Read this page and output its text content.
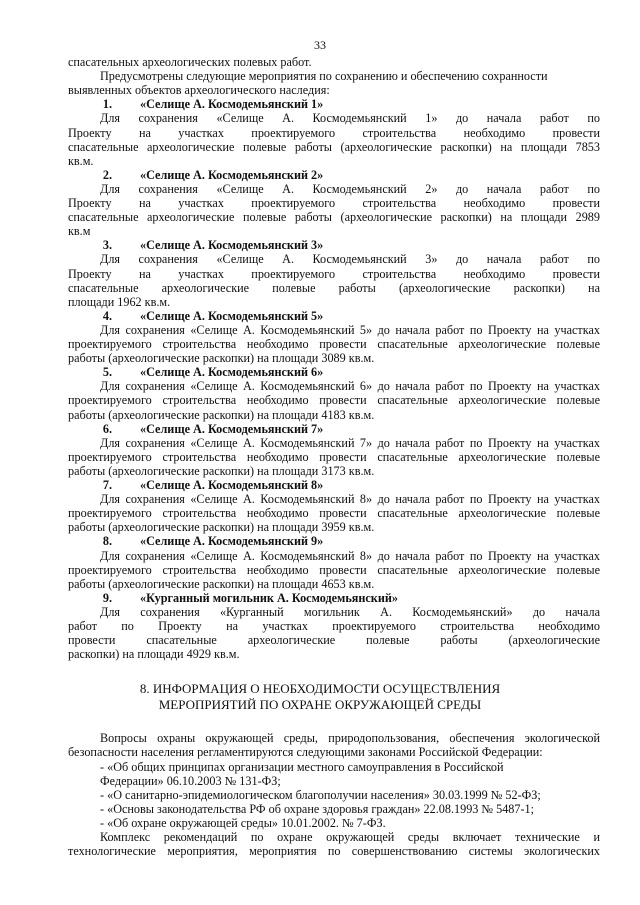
33
спасательных археологических полевых работ.
Предусмотрены следующие мероприятия по сохранению и обеспечению сохранности
выявленных объектов археологического наследия:
1. «Селище А. Космодемьянский 1»
Для сохранения «Селище А. Космодемьянский 1» до начала работ по
Проекту на участках проектируемого строительства необходимо провести
спасательные археологические полевые работы (археологические раскопки) на площади 7853
кв.м.
2. «Селище А. Космодемьянский 2»
Для сохранения «Селище А. Космодемьянский 2» до начала работ по
Проекту на участках проектируемого строительства необходимо провести
спасательные археологические полевые работы (археологические раскопки) на площади 2989
кв.м
3. «Селище А. Космодемьянский 3»
Для сохранения «Селище А. Космодемьянский 3» до начала работ по
Проекту на участках проектируемого строительства необходимо провести
спасательные археологические полевые работы (археологические раскопки) на
площади 1962 кв.м.
4. «Селище А. Космодемьянский 5»
Для сохранения «Селище А. Космодемьянский 5» до начала работ по Проекту на участках
проектируемого строительства необходимо провести спасательные археологические полевые
работы (археологические раскопки) на площади 3089 кв.м.
5. «Селище А. Космодемьянский 6»
Для сохранения «Селище А. Космодемьянский 6» до начала работ по Проекту на участках
проектируемого строительства необходимо провести спасательные археологические полевые
работы (археологические раскопки) на площади 4183 кв.м.
6. «Селище А. Космодемьянский 7»
Для сохранения «Селище А. Космодемьянский 7» до начала работ по Проекту на участках
проектируемого строительства необходимо провести спасательные археологические полевые
работы (археологические раскопки) на площади 3173 кв.м.
7. «Селище А. Космодемьянский 8»
Для сохранения «Селище А. Космодемьянский 8» до начала работ по Проекту на участках
проектируемого строительства необходимо провести спасательные археологические полевые
работы (археологические раскопки) на площади 3959 кв.м.
8. «Селище А. Космодемьянский 9»
Для сохранения «Селище А. Космодемьянский 8» до начала работ по Проекту на участках
проектируемого строительства необходимо провести спасательные археологические полевые
работы (археологические раскопки) на площади 4653 кв.м.
9. «Курганный могильник А. Космодемьянский»
Для сохранения «Курганный могильник А. Космодемьянский» до начала
работ по Проекту на участках проектируемого строительства необходимо
провести спасательные археологические полевые работы (археологические
раскопки) на площади 4929 кв.м.
8. ИНФОРМАЦИЯ О НЕОБХОДИМОСТИ ОСУЩЕСТВЛЕНИЯ
МЕРОПРИЯТИЙ ПО ОХРАНЕ ОКРУЖАЮЩЕЙ СРЕДЫ
Вопросы охраны окружающей среды, природопользования, обеспечения экологической
безопасности населения регламентируются следующими законами Российской Федерации:
- «Об общих принципах организации местного самоуправления в Российской
Федерации» 06.10.2003 № 131-ФЗ;
- «О санитарно-эпидемиологическом благополучии населения» 30.03.1999 № 52-ФЗ;
- «Основы законодательства РФ об охране здоровья граждан» 22.08.1993 № 5487-1;
- «Об охране окружающей среды» 10.01.2002. № 7-ФЗ.
Комплекс рекомендаций по охране окружающей среды включает технические и
технологические мероприятия, мероприятия по совершенствованию системы экологических
